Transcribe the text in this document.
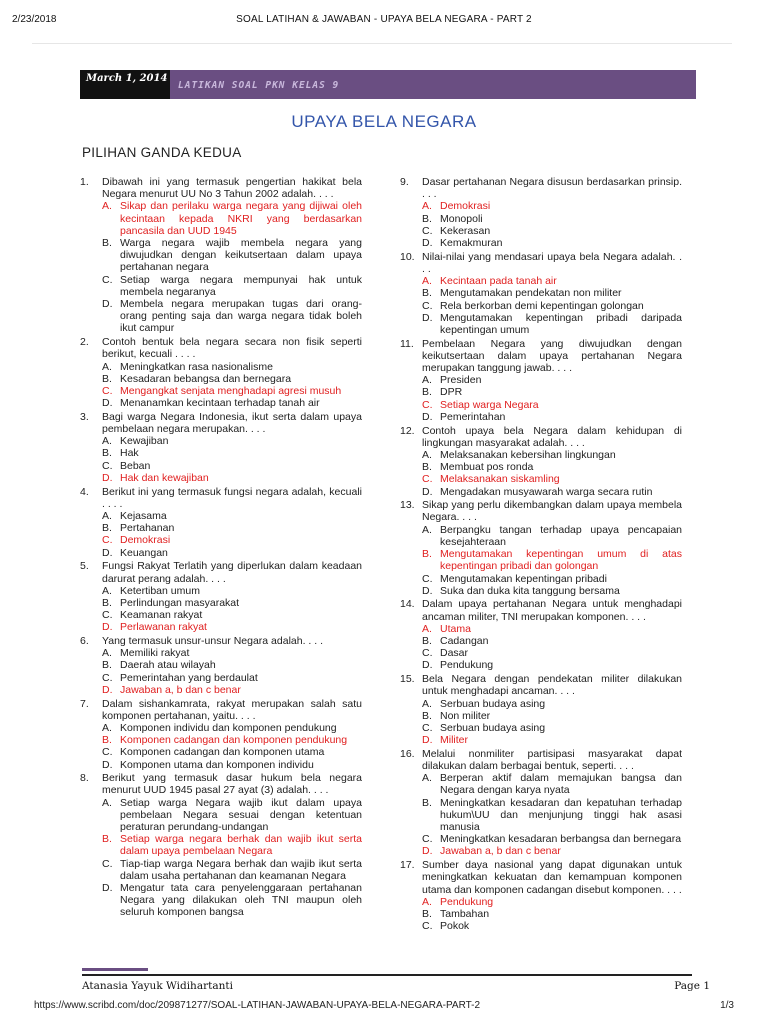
2/23/2018	SOAL LATIHAN & JAWABAN - UPAYA BELA NEGARA - PART 2
March 1, 2014
LATIKAN SOAL PKN KELAS 9
UPAYA BELA NEGARA
PILIHAN GANDA KEDUA
1.	Dibawah ini yang termasuk pengertian hakikat bela Negara menurut UU No 3 Tahun 2002 adalah. . . .
A. Sikap dan perilaku warga negara yang dijiwai oleh kecintaan kepada NKRI yang berdasarkan pancasila dan UUD 1945
B. Warga negara wajib membela negara yang diwujudkan dengan keikutsertaan dalam upaya pertahanan negara
C. Setiap warga negara mempunyai hak untuk membela negaranya
D. Membela negara merupakan tugas dari orang-orang penting saja dan warga negara tidak boleh ikut campur
2.	Contoh bentuk bela negara secara non fisik seperti berikut, kecuali . . . .
A. Meningkatkan rasa nasionalisme
B. Kesadaran bebangsa dan bernegara
C. Mengangkat senjata menghadapi agresi musuh
D. Menanamkan kecintaan terhadap tanah air
3.	Bagi warga Negara Indonesia, ikut serta dalam upaya pembelaan negara merupakan. . . .
A. Kewajiban
B. Hak
C. Beban
D. Hak dan kewajiban
4.	Berikut ini yang termasuk fungsi negara adalah, kecuali . . . .
A. Kejasama
B. Pertahanan
C. Demokrasi
D. Keuangan
5.	Fungsi Rakyat Terlatih yang diperlukan dalam keadaan darurat perang adalah. . . .
A. Ketertiban umum
B. Perlindungan masyarakat
C. Keamanan rakyat
D. Perlawanan rakyat
6.	Yang termasuk unsur-unsur Negara adalah. . . .
A. Memiliki rakyat
B. Daerah atau wilayah
C. Pemerintahan yang berdaulat
D. Jawaban a, b dan c benar
7.	Dalam sishankamrata, rakyat merupakan salah satu komponen pertahanan, yaitu. . . .
A. Komponen individu dan komponen pendukung
B. Komponen cadangan dan komponen pendukung
C. Komponen cadangan dan komponen utama
D. Komponen utama dan komponen individu
8.	Berikut yang termasuk dasar hukum bela negara menurut UUD 1945 pasal 27 ayat (3) adalah. . . .
A. Setiap warga Negara wajib ikut dalam upaya pembelaan Negara sesuai dengan ketentuan peraturan perundang-undangan
B. Setiap warga negara berhak dan wajib ikut serta dalam upaya pembelaan Negara
C. Tiap-tiap warga Negara berhak dan wajib ikut serta dalam usaha pertahanan dan keamanan Negara
D. Mengatur tata cara penyelenggaraan pertahanan Negara yang dilakukan oleh TNI maupun oleh seluruh komponen bangsa
9.	Dasar pertahanan Negara disusun berdasarkan prinsip. . . .
A. Demokrasi
B. Monopoli
C. Kekerasan
D. Kemakmuran
10. Nilai-nilai yang mendasari upaya bela Negara adalah. . . .
A. Kecintaan pada tanah air
B. Mengutamakan pendekatan non militer
C. Rela berkorban demi kepentingan golongan
D. Mengutamakan kepentingan pribadi daripada kepentingan umum
11. Pembelaan Negara yang diwujudkan dengan keikutsertaan dalam upaya pertahanan Negara merupakan tanggung jawab. . . .
A. Presiden
B. DPR
C. Setiap warga Negara
D. Pemerintahan
12. Contoh upaya bela Negara dalam kehidupan di lingkungan masyarakat adalah. . . .
A. Melaksanakan kebersihan lingkungan
B. Membuat pos ronda
C. Melaksanakan siskamling
D. Mengadakan musyawarah warga secara rutin
13. Sikap yang perlu dikembangkan dalam upaya membela Negara. . . .
A. Berpangku tangan terhadap upaya pencapaian kesejahteraan
B. Mengutamakan kepentingan umum di atas kepentingan pribadi dan golongan
C. Mengutamakan kepentingan pribadi
D. Suka dan duka kita tanggung bersama
14. Dalam upaya pertahanan Negara untuk menghadapi ancaman militer, TNI merupakan komponen. . . .
A. Utama
B. Cadangan
C. Dasar
D. Pendukung
15. Bela Negara dengan pendekatan militer dilakukan untuk menghadapi ancaman. . . .
A. Serbuan budaya asing
B. Non militer
C. Serbuan budaya asing
D. Militer
16. Melalui nonmiliter partisipasi masyarakat dapat dilakukan dalam berbagai bentuk, seperti. . . .
A. Berperan aktif dalam memajukan bangsa dan Negara dengan karya nyata
B. Meningkatkan kesadaran dan kepatuhan terhadap hukum\UU dan menjunjung tinggi hak asasi manusia
C. Meningkatkan kesadaran berbangsa dan bernegara
D. Jawaban a, b dan c benar
17. Sumber daya nasional yang dapat digunakan untuk meningkatkan kekuatan dan kemampuan komponen utama dan komponen cadangan disebut komponen. . . .
A. Pendukung
B. Tambahan
C. Pokok
Atanasia Yayuk Widihartanti	Page 1
https://www.scribd.com/doc/209871277/SOAL-LATIHAN-JAWABAN-UPAYA-BELA-NEGARA-PART-2	1/3
